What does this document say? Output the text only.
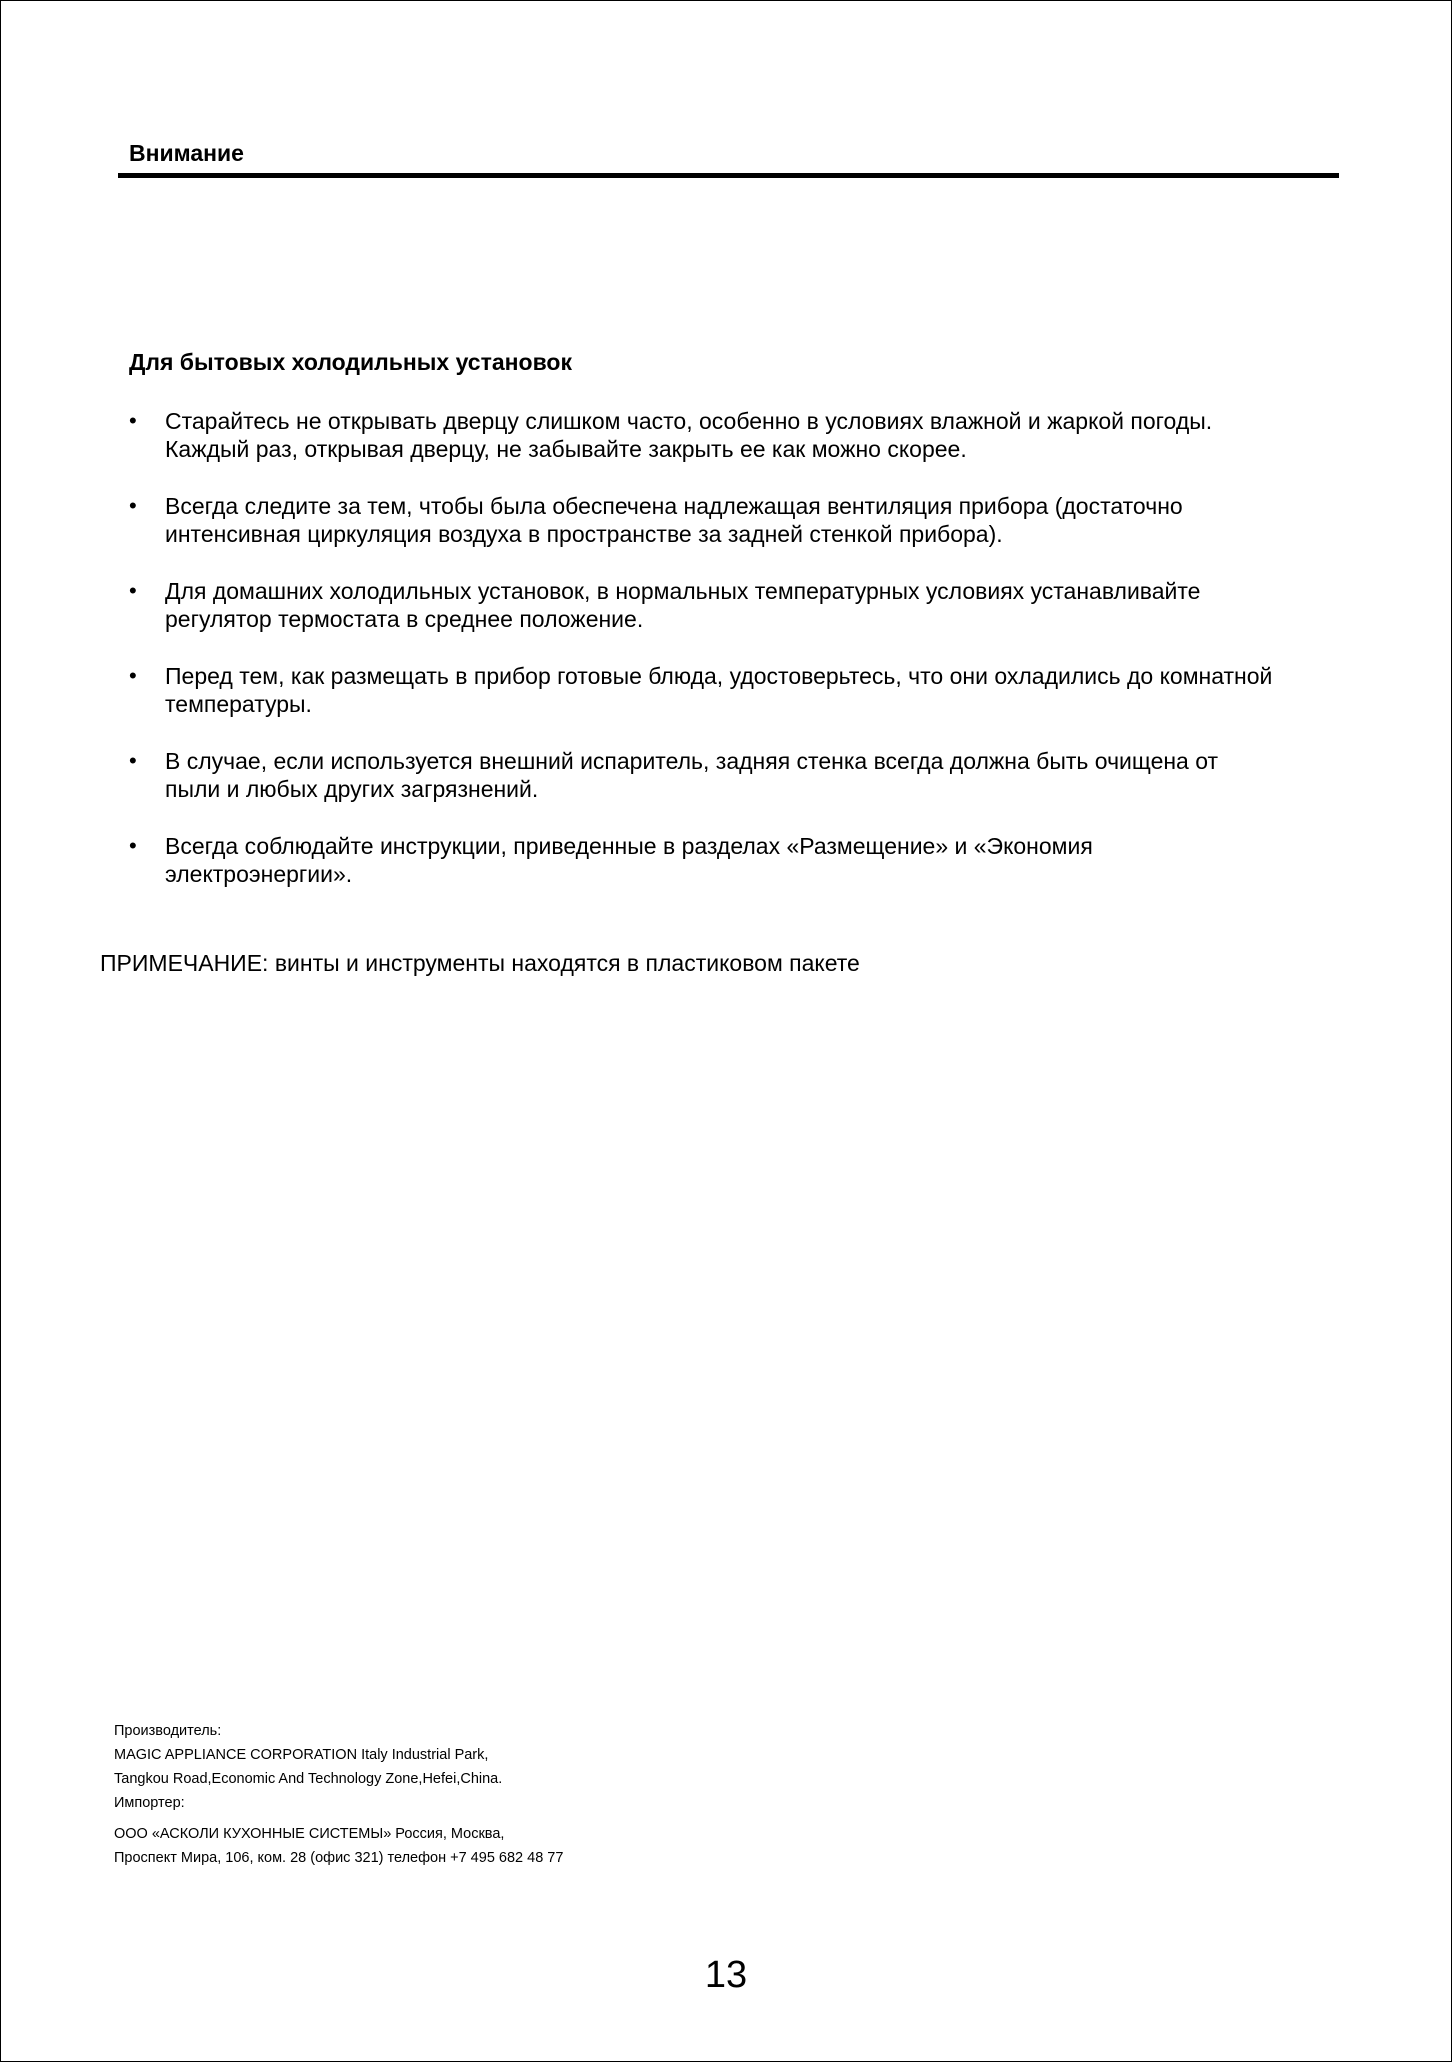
Внимание
Для бытовых холодильных установок
•	Старайтесь не открывать дверцу слишком часто, особенно в условиях влажной и жаркой погоды.
Каждый раз, открывая дверцу, не забывайте закрыть ее как можно скорее.
•	Всегда следите за тем, чтобы была обеспечена надлежащая вентиляция прибора (достаточно
интенсивная циркуляция воздуха в пространстве за задней стенкой прибора).
•	Для домашних холодильных установок, в нормальных температурных условиях устанавливайте
регулятор термостата в среднее положение.
•	Перед тем, как размещать в прибор готовые блюда, удостоверьтесь, что они охладились до комнатной
температуры.
•	В случае, если используется внешний испаритель, задняя стенка всегда должна быть очищена от
пыли и любых других загрязнений.
•	Всегда соблюдайте инструкции, приведенные в разделах «Размещение» и «Экономия
электроэнергии».
ПРИМЕЧАНИЕ: винты и инструменты находятся в пластиковом пакете
Производитель:
MAGIC APPLIANCE CORPORATION Italy Industrial Park,
Tangkou Road,Economic And Technology Zone,Hefei,China.
Импортер:
ООО «АСКОЛИ КУХОННЫЕ СИСТЕМЫ» Россия, Москва,
Проспект Мира, 106, ком. 28 (офис 321) телефон +7 495 682 48 77
13
